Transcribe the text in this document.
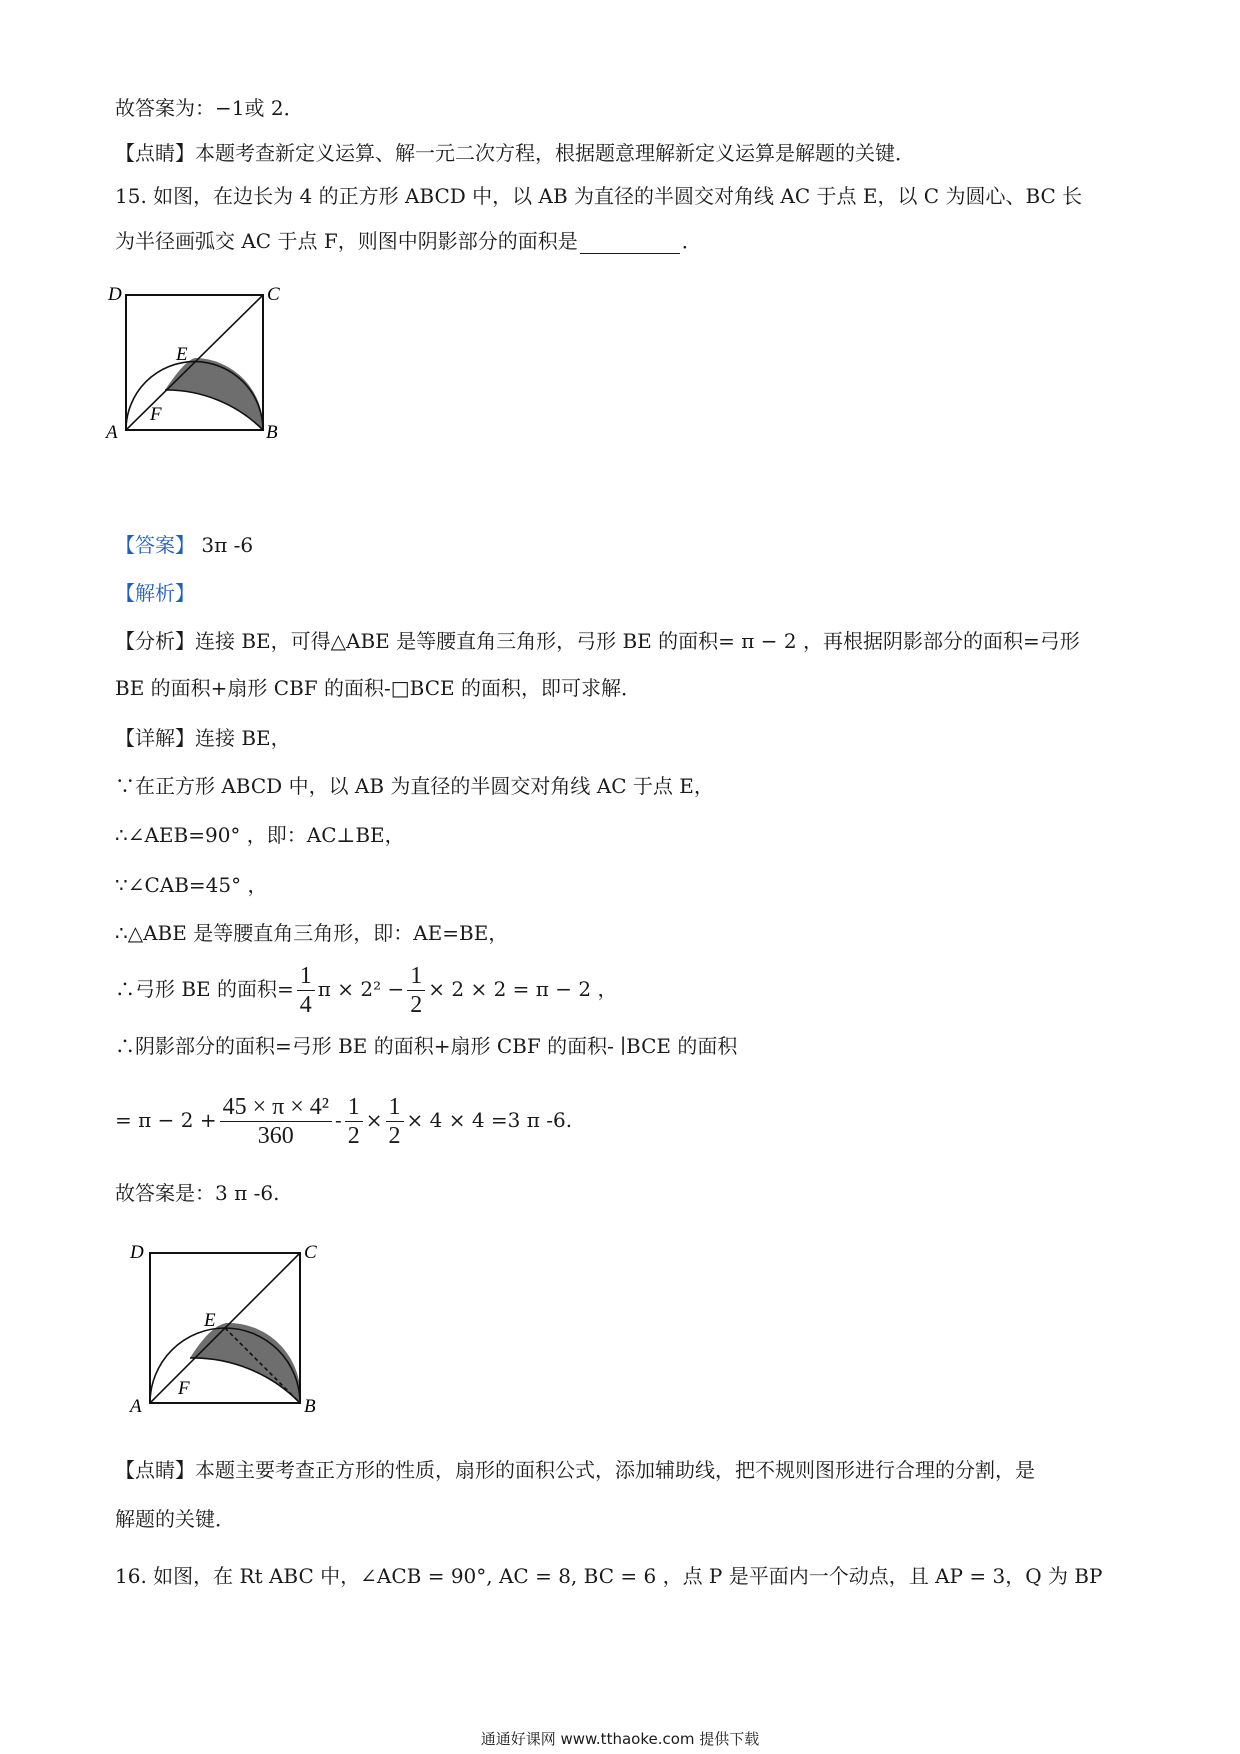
故答案为：−1或 2．
【点睛】本题考查新定义运算、解一元二次方程，根据题意理解新定义运算是解题的关键．
15. 如图，在边长为 4 的正方形 ABCD 中，以 AB 为直径的半圆交对角线 AC 于点 E，以 C 为圆心、BC 长
为半径画弧交 AC 于点 F，则图中阴影部分的面积是	．
D	C
E
F
A	B
【答案】 3π -6
【解析】
【分析】连接 BE，可得△ABE 是等腰直角三角形，弓形 BE 的面积= π − 2 ，再根据阴影部分的面积=弓形
BE 的面积+扇形 CBF 的面积-□BCE 的面积，即可求解．
【详解】连接 BE，
∵在正方形 ABCD 中，以 AB 为直径的半圆交对角线 AC 于点 E，
∴∠AEB=90° ，即：AC⊥BE，
∵∠CAB=45° ，
∴△ABE 是等腰直角三角形，即：AE=BE，
∴弓形 BE 的面积= $\frac{1}{4}$ $\pi \times 2^2 - \frac{1}{2} \times 2 \times 2 = \pi - 2$ ，
∴阴影部分的面积=弓形 BE 的面积+扇形 CBF 的面积- ∣BCE 的面积
= $\pi - 2 + \frac{\text{45 × π × 4²}}{360} - \frac{1}{2} \times \frac{1}{2} \times 4 \times 4 =3$ π -6.
故答案是：3 π -6.
D	C
E
F
A	B
【点睛】本题主要考查正方形的性质，扇形的面积公式，添加辅助线，把不规则图形进行合理的分割，是
解题的关键．
16. 如图，在 Rt ABC 中，∠ACB = 90°, AC = 8, BC = 6 ，点 P 是平面内一个动点，且 AP = 3，Q 为 BP
通通好课网 www.tthaoke.com 提供下载
